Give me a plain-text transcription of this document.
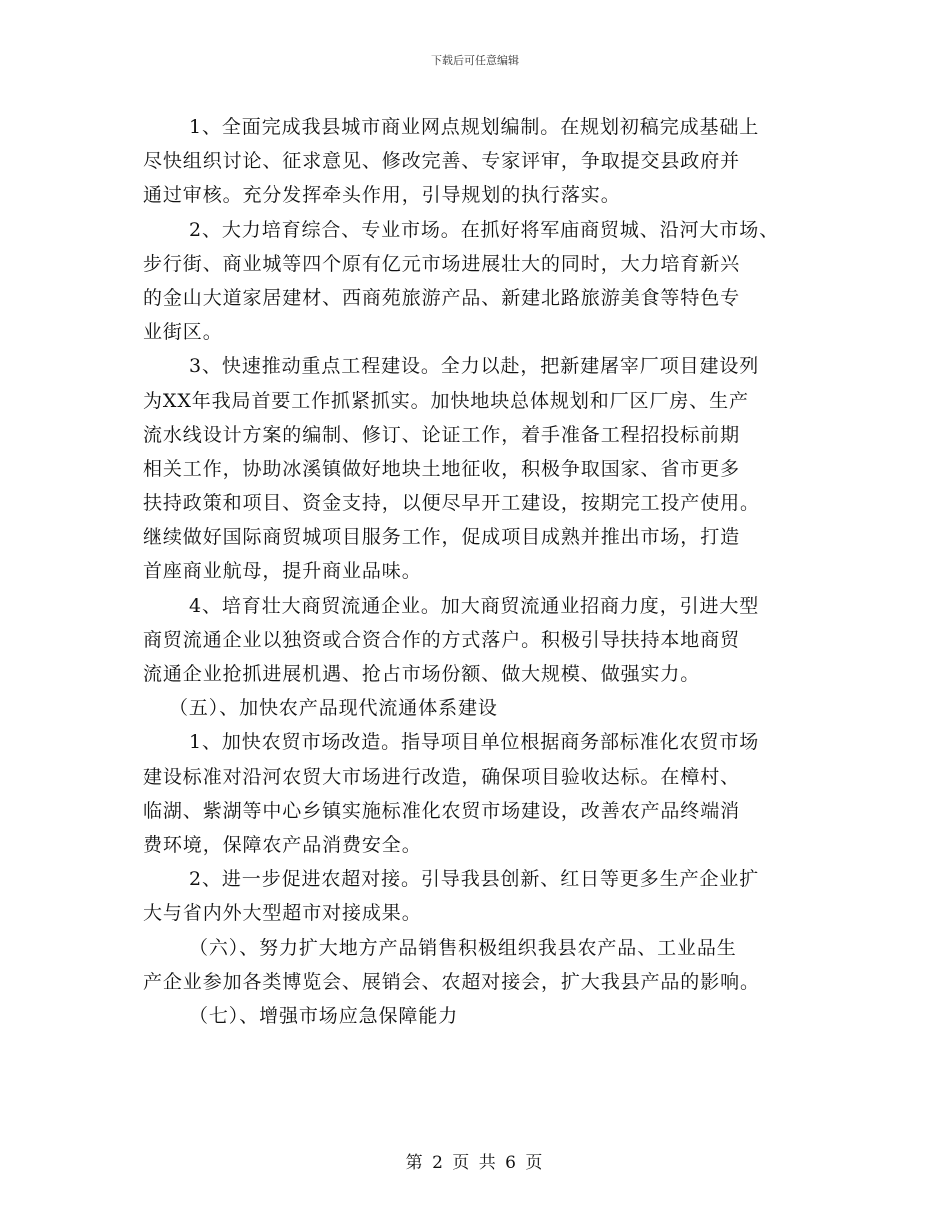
下载后可任意编辑
1、全面完成我县城市商业网点规划编制。在规划初稿完成基础上
尽快组织讨论、征求意见、修改完善、专家评审，争取提交县政府并
通过审核。充分发挥牵头作用，引导规划的执行落实。
2、大力培育综合、专业市场。在抓好将军庙商贸城、沿河大市场、
步行街、商业城等四个原有亿元市场进展壮大的同时，大力培育新兴
的金山大道家居建材、西商苑旅游产品、新建北路旅游美食等特色专
业街区。
3、快速推动重点工程建设。全力以赴，把新建屠宰厂项目建设列
为XX年我局首要工作抓紧抓实。加快地块总体规划和厂区厂房、生产
流水线设计方案的编制、修订、论证工作，着手准备工程招投标前期
相关工作，协助冰溪镇做好地块土地征收，积极争取国家、省市更多
扶持政策和项目、资金支持，以便尽早开工建设，按期完工投产使用。
继续做好国际商贸城项目服务工作，促成项目成熟并推出市场，打造
首座商业航母，提升商业品味。
4、培育壮大商贸流通企业。加大商贸流通业招商力度，引进大型
商贸流通企业以独资或合资合作的方式落户。积极引导扶持本地商贸
流通企业抢抓进展机遇、抢占市场份额、做大规模、做强实力。
（五）、加快农产品现代流通体系建设
1、加快农贸市场改造。指导项目单位根据商务部标准化农贸市场
建设标准对沿河农贸大市场进行改造，确保项目验收达标。在樟村、
临湖、紫湖等中心乡镇实施标准化农贸市场建设，改善农产品终端消
费环境，保障农产品消费安全。
2、进一步促进农超对接。引导我县创新、红日等更多生产企业扩
大与省内外大型超市对接成果。
（六）、努力扩大地方产品销售积极组织我县农产品、工业品生
产企业参加各类博览会、展销会、农超对接会，扩大我县产品的影响。
（七）、增强市场应急保障能力
第 2 页 共 6 页
